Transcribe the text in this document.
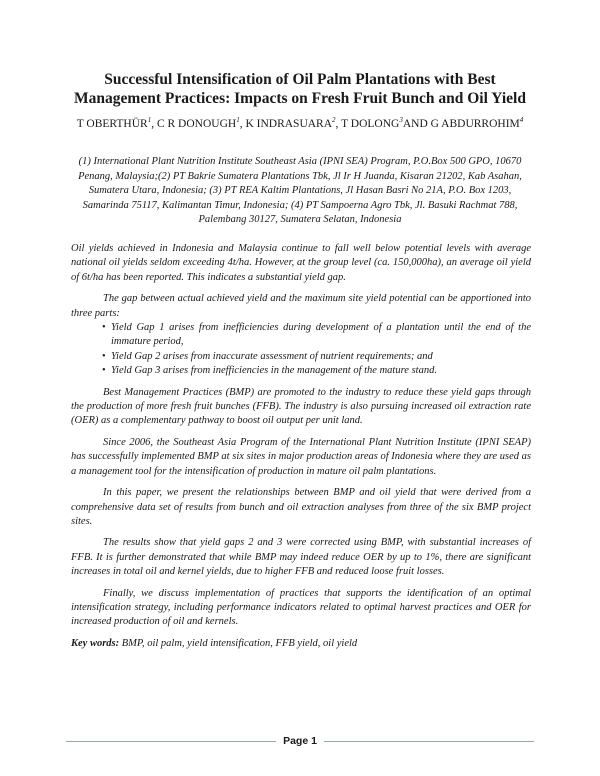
Successful Intensification of Oil Palm Plantations with Best Management Practices: Impacts on Fresh Fruit Bunch and Oil Yield
T OBERTHÜR$^1$, C R DONOUGH$^1$, K INDRASUARA$^2$, T DOLONG$^3$AND G ABDURROHIM$^4$
(1) International Plant Nutrition Institute Southeast Asia (IPNI SEA) Program, P.O.Box 500 GPO, 10670 Penang, Malaysia;(2) PT Bakrie Sumatera Plantations Tbk, Jl Ir H Juanda, Kisaran 21202, Kab Asahan, Sumatera Utara, Indonesia; (3) PT REA Kaltim Plantations, Jl Hasan Basri No 21A, P.O. Box 1203, Samarinda 75117, Kalimantan Timur, Indonesia; (4) PT Sampoerna Agro Tbk, Jl. Basuki Rachmat 788, Palembang 30127, Sumatera Selatan, Indonesia

Oil yields achieved in Indonesia and Malaysia continue to fall well below potential levels with average national oil yields seldom exceeding 4t/ha. However, at the group level (ca. 150,000ha), an average oil yield of 6t/ha has been reported. This indicates a substantial yield gap.

The gap between actual achieved yield and the maximum site yield potential can be apportioned into three parts:

• Yield Gap 1 arises from inefficiencies during development of a plantation until the end of the immature period,
• Yield Gap 2 arises from inaccurate assessment of nutrient requirements; and
• Yield Gap 3 arises from inefficiencies in the management of the mature stand.

Best Management Practices (BMP) are promoted to the industry to reduce these yield gaps through the production of more fresh fruit bunches (FFB). The industry is also pursuing increased oil extraction rate (OER) as a complementary pathway to boost oil output per unit land.

Since 2006, the Southeast Asia Program of the International Plant Nutrition Institute (IPNI SEAP) has successfully implemented BMP at six sites in major production areas of Indonesia where they are used as a management tool for the intensification of production in mature oil palm plantations.

In this paper, we present the relationships between BMP and oil yield that were derived from a comprehensive data set of results from bunch and oil extraction analyses from three of the six BMP project sites.

The results show that yield gaps 2 and 3 were corrected using BMP, with substantial increases of FFB. It is further demonstrated that while BMP may indeed reduce OER by up to 1%, there are significant increases in total oil and kernel yields, due to higher FFB and reduced loose fruit losses.

Finally, we discuss implementation of practices that supports the identification of an optimal intensification strategy, including performance indicators related to optimal harvest practices and OER for increased production of oil and kernels.

Key words: BMP, oil palm, yield intensification, FFB yield, oil yield

Page 1
